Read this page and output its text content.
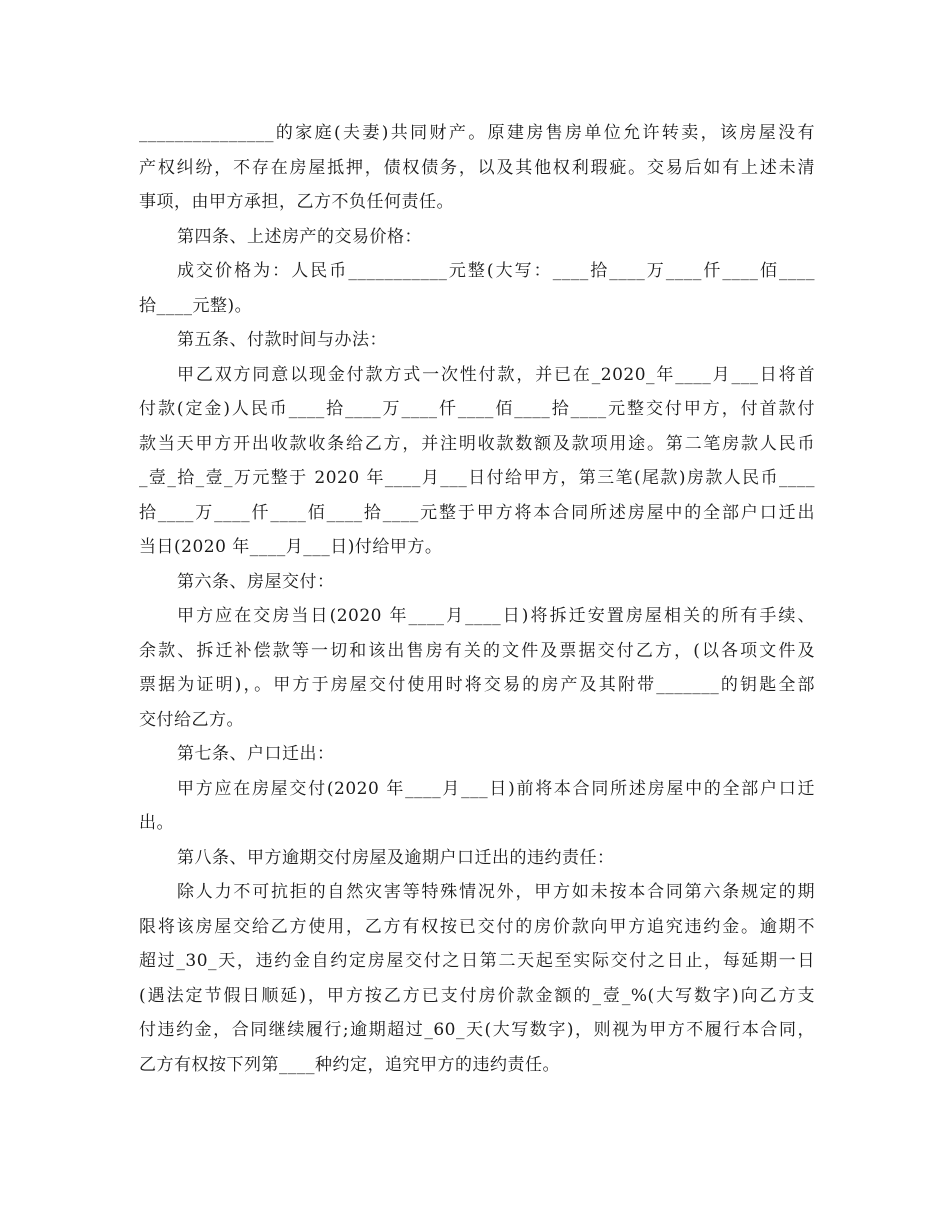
_______________的家庭(夫妻)共同财产。原建房售房单位允许转卖，该房屋没有
产权纠纷，不存在房屋抵押，债权债务，以及其他权利瑕疵。交易后如有上述未清
事项，由甲方承担，乙方不负任何责任。
第四条、上述房产的交易价格：
成交价格为：人民币___________元整(大写：____拾____万____仟____佰____
拾____元整)。
第五条、付款时间与办法：
甲乙双方同意以现金付款方式一次性付款，并已在_2020_年____月___日将首
付款(定金)人民币____拾____万____仟____佰____拾____元整交付甲方，付首款付
款当天甲方开出收款收条给乙方，并注明收款数额及款项用途。第二笔房款人民币
_壹_拾_壹_万元整于 2020 年____月___日付给甲方，第三笔(尾款)房款人民币____
拾____万____仟____佰____拾____元整于甲方将本合同所述房屋中的全部户口迁出
当日(2020 年____月___日)付给甲方。
第六条、房屋交付：
甲方应在交房当日(2020 年____月____日)将拆迁安置房屋相关的所有手续、
余款、拆迁补偿款等一切和该出售房有关的文件及票据交付乙方，(以各项文件及
票据为证明)，。甲方于房屋交付使用时将交易的房产及其附带_______的钥匙全部
交付给乙方。
第七条、户口迁出：
甲方应在房屋交付(2020 年____月___日)前将本合同所述房屋中的全部户口迁
出。
第八条、甲方逾期交付房屋及逾期户口迁出的违约责任：
除人力不可抗拒的自然灾害等特殊情况外，甲方如未按本合同第六条规定的期
限将该房屋交给乙方使用，乙方有权按已交付的房价款向甲方追究违约金。逾期不
超过_30_天，违约金自约定房屋交付之日第二天起至实际交付之日止，每延期一日
(遇法定节假日顺延)，甲方按乙方已支付房价款金额的_壹_%(大写数字)向乙方支
付违约金，合同继续履行;逾期超过_60_天(大写数字)，则视为甲方不履行本合同，
乙方有权按下列第____种约定，追究甲方的违约责任。
